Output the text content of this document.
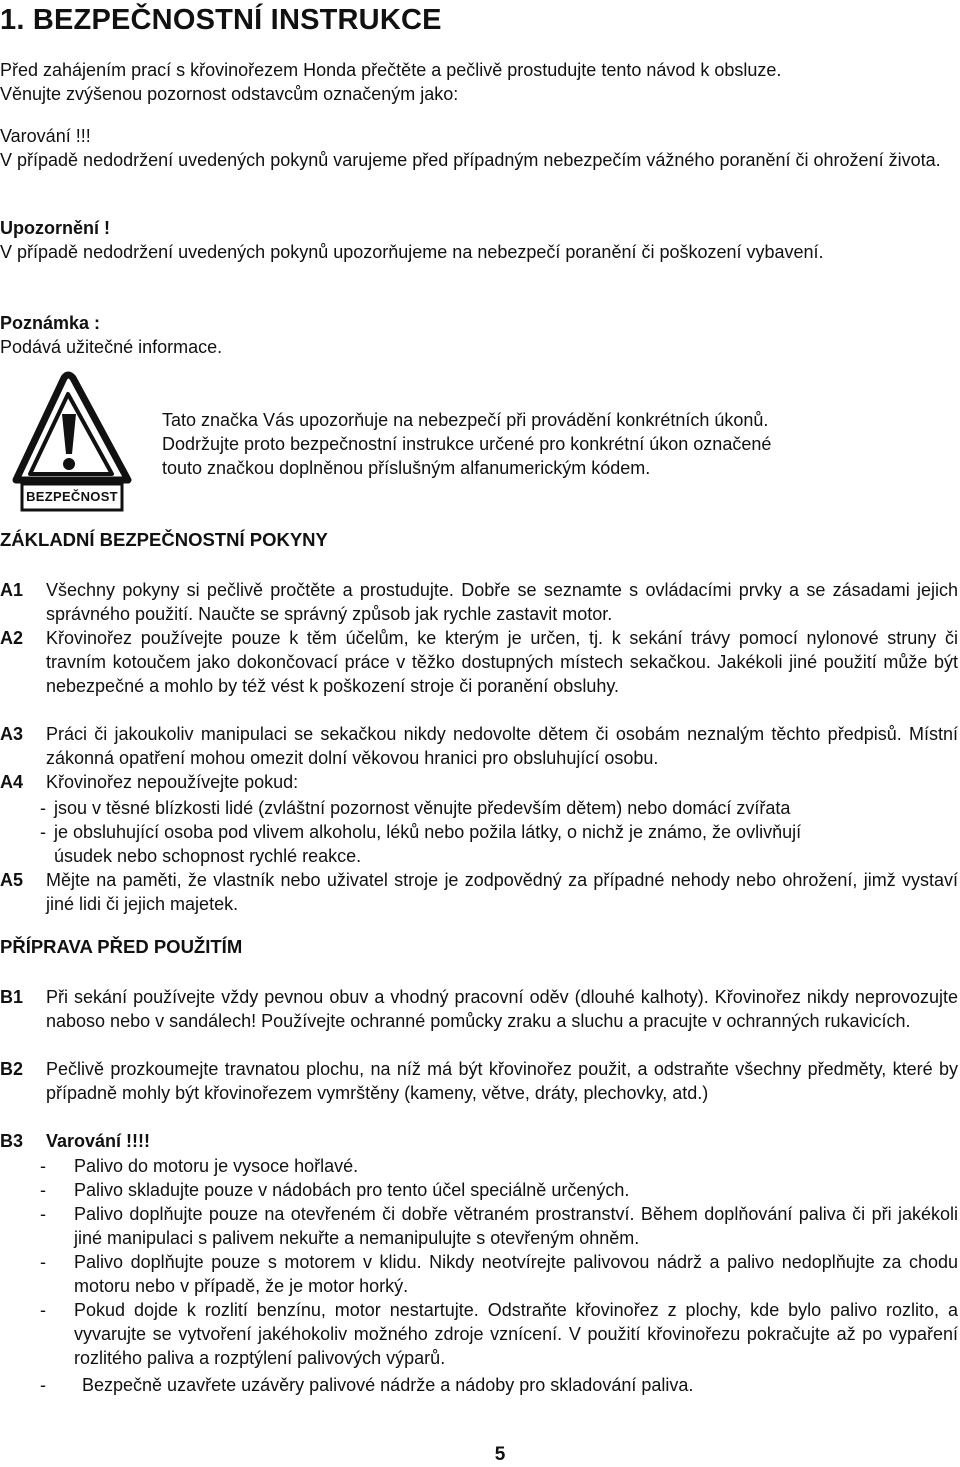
1. BEZPEČNOSTNÍ INSTRUKCE
Před zahájením prací s křovinořezem Honda přečtěte a pečlivě prostudujte tento návod k obsluze.
Věnujte zvýšenou pozornost odstavcům označeným jako:
Varování !!!
V případě nedodržení uvedených pokynů varujeme před případným nebezpečím vážného poranění či ohrožení života.
Upozornění !
V případě nedodržení uvedených pokynů upozorňujeme na nebezpečí poranění či poškození vybavení.
Poznámka :
Podává užitečné informace.
BEZPEČNOST
Tato značka Vás upozorňuje na nebezpečí při provádění konkrétních úkonů.
Dodržujte proto bezpečnostní instrukce určené pro konkrétní úkon označené
touto značkou doplněnou příslušným alfanumerickým kódem.
ZÁKLADNÍ BEZPEČNOSTNÍ POKYNY
A1	Všechny pokyny si pečlivě pročtěte a prostudujte. Dobře se seznamte s ovládacími prvky a se zásadami jejich správného použití. Naučte se správný způsob jak rychle zastavit motor.
A2	Křovinořez používejte pouze k těm účelům, ke kterým je určen, tj. k sekání trávy pomocí nylonové struny či travním kotoučem jako dokončovací práce v těžko dostupných místech sekačkou. Jakékoli jiné použití může být nebezpečné a mohlo by též vést k poškození stroje či poranění obsluhy.
A3	Práci či jakoukoliv manipulaci se sekačkou nikdy nedovolte dětem či osobám neznalým těchto předpisů. Místní zákonná opatření mohou omezit dolní věkovou hranici pro obsluhující osobu.
A4	Křovinořez nepoužívejte pokud:
- jsou v těsné blízkosti lidé (zvláštní pozornost věnujte především dětem) nebo domácí zvířata
- je obsluhující osoba pod vlivem alkoholu, léků nebo požila látky, o nichž je známo, že ovlivňují
úsudek nebo schopnost rychlé reakce.
A5	Mějte na paměti, že vlastník nebo uživatel stroje je zodpovědný za případné nehody nebo ohrožení, jimž vystaví jiné lidi či jejich majetek.
PŘÍPRAVA PŘED POUŽITÍM
B1	Při sekání používejte vždy pevnou obuv a vhodný pracovní oděv (dlouhé kalhoty). Křovinořez nikdy neprovozujte naboso nebo v sandálech! Používejte ochranné pomůcky zraku a sluchu a pracujte v ochranných rukavicích.
B2	Pečlivě prozkoumejte travnatou plochu, na níž má být křovinořez použit, a odstraňte všechny předměty, které by případně mohly být křovinořezem vymrštěny (kameny, větve, dráty, plechovky, atd.)
B3	Varování !!!!
- Palivo do motoru je vysoce hořlavé.
- Palivo skladujte pouze v nádobách pro tento účel speciálně určených.
- Palivo doplňujte pouze na otevřeném či dobře větraném prostranství. Během doplňování paliva či při jakékoli jiné manipulaci s palivem nekuřte a nemanipulujte s otevřeným ohněm.
- Palivo doplňujte pouze s motorem v klidu. Nikdy neotvírejte palivovou nádrž a palivo nedoplňujte za chodu motoru nebo v případě, že je motor horký.
- Pokud dojde k rozlití benzínu, motor nestartujte. Odstraňte křovinořez z plochy, kde bylo palivo rozlito, a vyvarujte se vytvoření jakéhokoliv možného zdroje vznícení. V použití křovinořezu pokračujte až po vypaření rozlitého paliva a rozptýlení palivových výparů.
- Bezpečně uzavřete uzávěry palivové nádrže a nádoby pro skladování paliva.
5
